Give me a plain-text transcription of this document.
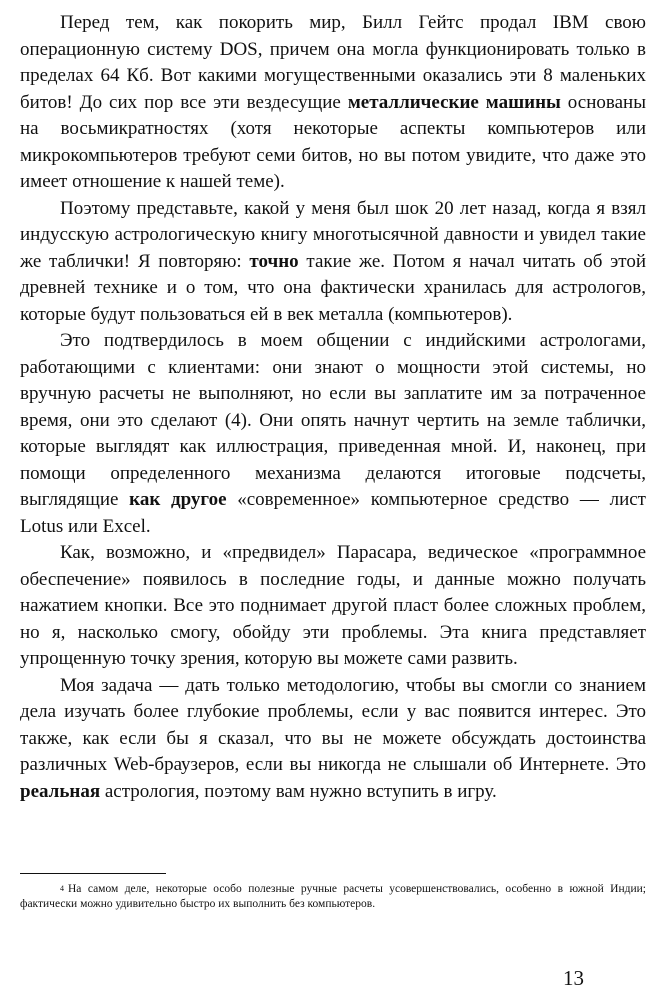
Перед тем, как покорить мир, Билл Гейтс продал IBM свою операционную систему DOS, причем она могла функционировать только в пределах 64 Кб. Вот какими могущественными оказались эти 8 маленьких битов! До сих пор все эти вездесущие металлические машины основаны на восьмикратностях (хотя некоторые аспекты компьютеров или микрокомпьютеров требуют семи битов, но вы потом увидите, что даже это имеет отношение к нашей теме).

Поэтому представьте, какой у меня был шок 20 лет назад, когда я взял индусскую астрологическую книгу многотысячной давности и увидел такие же таблички! Я повторяю: точно такие же. Потом я начал читать об этой древней технике и о том, что она фактически хранилась для астрологов, которые будут пользоваться ей в век металла (компьютеров).

Это подтвердилось в моем общении с индийскими астрологами, работающими с клиентами: они знают о мощности этой системы, но вручную расчеты не выполняют, но если вы заплатите им за потраченное время, они это сделают (4). Они опять начнут чертить на земле таблички, которые выглядят как иллюстрация, приведенная мной. И, наконец, при помощи определенного механизма делаются итоговые подсчеты, выглядящие как другое «современное» компьютерное средство — лист Lotus или Excel.

Как, возможно, и «предвидел» Парасара, ведическое «программное обеспечение» появилось в последние годы, и данные можно получать нажатием кнопки. Все это поднимает другой пласт более сложных проблем, но я, насколько смогу, обойду эти проблемы. Эта книга представляет упрощенную точку зрения, которую вы можете сами развить.

Моя задача — дать только методологию, чтобы вы смогли со знанием дела изучать более глубокие проблемы, если у вас появится интерес. Это также, как если бы я сказал, что вы не можете обсуждать достоинства различных Web-браузеров, если вы никогда не слышали об Интернете. Это реальная астрология, поэтому вам нужно вступить в игру.

$^4$ На самом деле, некоторые особо полезные ручные расчеты усовершенствовались, особенно в южной Индии; фактически можно удивительно быстро их выполнить без компьютеров.

13
